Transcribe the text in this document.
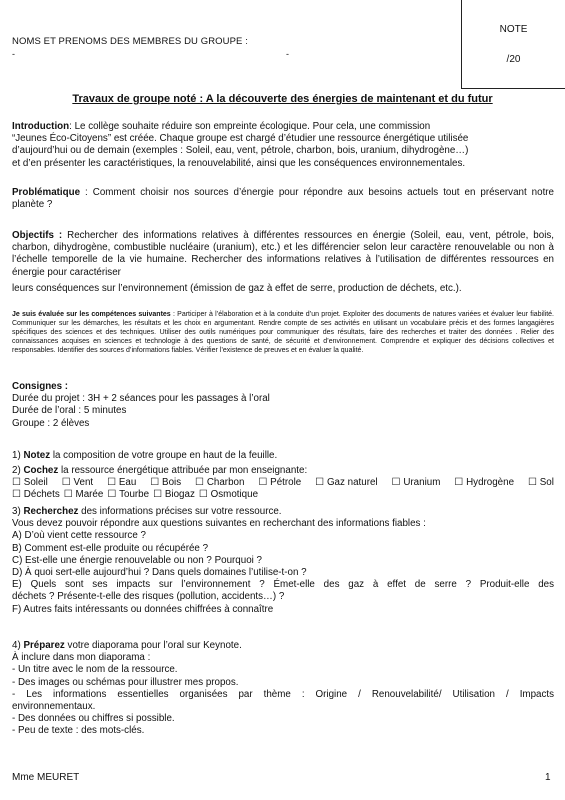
NOTE
/20
NOMS ET PRENOMS DES MEMBRES DU GROUPE :
-	-
Travaux de groupe noté : A la découverte des énergies de maintenant et du futur
Introduction: Le collège souhaite réduire son empreinte écologique. Pour cela, une commission
“Jeunes Éco-Citoyens” est créée. Chaque groupe est chargé d’étudier une ressource énergétique utilisée
d’aujourd’hui ou de demain (exemples : Soleil, eau, vent, pétrole, charbon, bois, uranium, dihydrogène…)
et d’en présenter les caractéristiques, la renouvelabilité, ainsi que les conséquences environnementales.
Problématique : Comment choisir nos sources d’énergie pour répondre aux besoins actuels tout en préservant notre planète ?
Objectifs : Rechercher des informations relatives à différentes ressources en énergie (Soleil, eau, vent, pétrole, bois, charbon, dihydrogène, combustible nucléaire (uranium), etc.) et les différencier selon leur caractère renouvelable ou non à l’échelle temporelle de la vie humaine. Rechercher des informations relatives à l’utilisation de différentes ressources en énergie pour caractériser
leurs conséquences sur l’environnement (émission de gaz à effet de serre, production de déchets, etc.).
Je suis évaluée sur les compétences suivantes : Participer à l’élaboration et à la conduite d’un projet. Exploiter des documents de natures variées et évaluer leur fiabilité. Communiquer sur les démarches, les résultats et les choix en argumentant. Rendre compte de ses activités en utilisant un vocabulaire précis et des formes langagières spécifiques des sciences et des techniques. Utiliser des outils numériques pour communiquer des résultats, faire des recherches et traiter des données . Relier des connaissances acquises en sciences et technologie à des questions de santé, de sécurité et d’environnement. Comprendre et expliquer des décisions collectives et responsables. Identifier des sources d’informations fiables. Vérifier l’existence de preuves et en évaluer la qualité.
Consignes :
Durée du projet : 3H + 2 séances pour les passages à l’oral
Durée de l’oral : 5 minutes
Groupe : 2 élèves
1) Notez la composition de votre groupe en haut de la feuille.
2) Cochez la ressource énergétique attribuée par mon enseignante:
☐ Soleil ☐ Vent ☐ Eau ☐ Bois ☐ Charbon ☐ Pétrole ☐ Gaz naturel ☐ Uranium ☐ Hydrogène ☐ Sol
☐ Déchets ☐ Marée ☐ Tourbe ☐ Biogaz ☐ Osmotique
3) Recherchez des informations précises sur votre ressource.
Vous devez pouvoir répondre aux questions suivantes en recherchant des informations fiables :
A) D’où vient cette ressource ?
B) Comment est-elle produite ou récupérée ?
C) Est-elle une énergie renouvelable ou non ? Pourquoi ?
D) À quoi sert-elle aujourd’hui ? Dans quels domaines l’utilise-t-on ?
E) Quels sont ses impacts sur l’environnement ? Émet-elle des gaz à effet de serre ? Produit-elle des
déchets ? Présente-t-elle des risques (pollution, accidents…) ?
F) Autres faits intéressants ou données chiffrées à connaître
4) Préparez votre diaporama pour l’oral sur Keynote.
À inclure dans mon diaporama :
- Un titre avec le nom de la ressource.
- Des images ou schémas pour illustrer mes propos.
- Les informations essentielles organisées par thème : Origine / Renouvelabilité/ Utilisation / Impacts
environnementaux.
- Des données ou chiffres si possible.
- Peu de texte : des mots-clés.
Mme MEURET	1
